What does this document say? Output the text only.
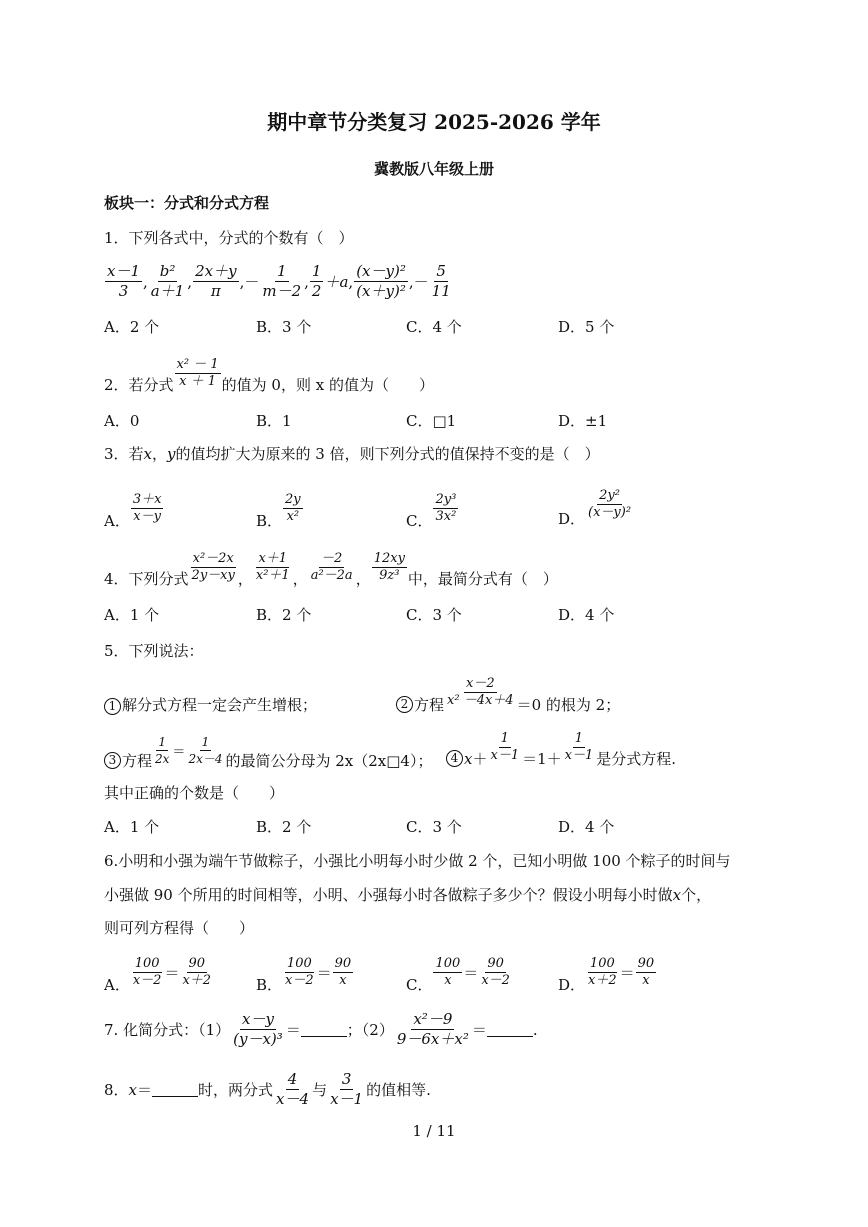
期中章节分类复习 2025-2026 学年
冀教版八年级上册
板块一：分式和分式方程
1．下列各式中，分式的个数有（　）
$\frac{x-1}{3}$ , $\frac{\text{b²}}{a+1}$ , $\frac{2x+y}{\pi}$ , － $\frac{1}{m-2}$ , $\frac{1}{2} +a$ , $\frac{\text{(x－y)²}}{\text{(x＋y)²}}$ , － $\frac{5}{11}$
A．2 个	B．3 个	C．4 个	D．5 个
2．若分式 $\frac{\text{x² － 1}}{x + 1}$ 的值为 0，则 x 的值为（　　）
A．0	B．1	C．□1	D．±1
3．若x，y的值均扩大为原来的 3 倍，则下列分式的值保持不变的是（　）
A． $\frac{3+x}{x-y}$	B． $\frac{2y}{\text{x²}}$	C． $\frac{\text{2y³}}{\text{3x²}}$	D． $\frac{\text{2y²}}{\text{(x－y)²}}$
4．下列分式 $\frac{\text{x²－2x}}{2y-xy}$ ， $\frac{x+1}{\text{x²＋1}}$ ， $\frac{-2}{\text{a²－2a}}$ ， $\frac{12xy}{\text{9z³}}$ 中，最简分式有（　）
A．1 个	B．2 个	C．3 个	D．4 个
5．下列说法：
1 解分式方程一定会产生增根；	2 方程 $\frac{x-2}{\text{x² －4x＋4}} =0$ 的根为 2；
3 方程 $\frac{1}{2x} = \frac{1}{2x-4}$ 的最简公分母为 2x（2x□4）；	4 $x + \frac{1}{x-1} =1+ \frac{1}{x-1}$ 是分式方程.
其中正确的个数是（　　）
A．1 个	B．2 个	C．3 个	D．4 个
6.小明和小强为端午节做粽子，小强比小明每小时少做 2 个，已知小明做 100 个粽子的时间与
小强做 90 个所用的时间相等，小明、小强每小时各做粽子多少个？假设小明每小时做x个，
则可列方程得（　　）
A． $\frac{100}{x-2} = \frac{90}{x+2}$	B． $\frac{100}{x-2} = \frac{90}{x}$	C． $\frac{100}{x} = \frac{90}{x-2}$	D． $\frac{100}{x+2} = \frac{90}{x}$
7. 化简分式：$(1) \frac{x-y}{\text{(y－x)³}}$ ＝	；$(2) \frac{\text{x²－9}}{\text{9－6x＋x²}}$ ＝	.
8． x ＝	时，两分式 $\frac{4}{x-4}$ 与 $\frac{3}{x-1}$ 的值相等.
1 / 11
